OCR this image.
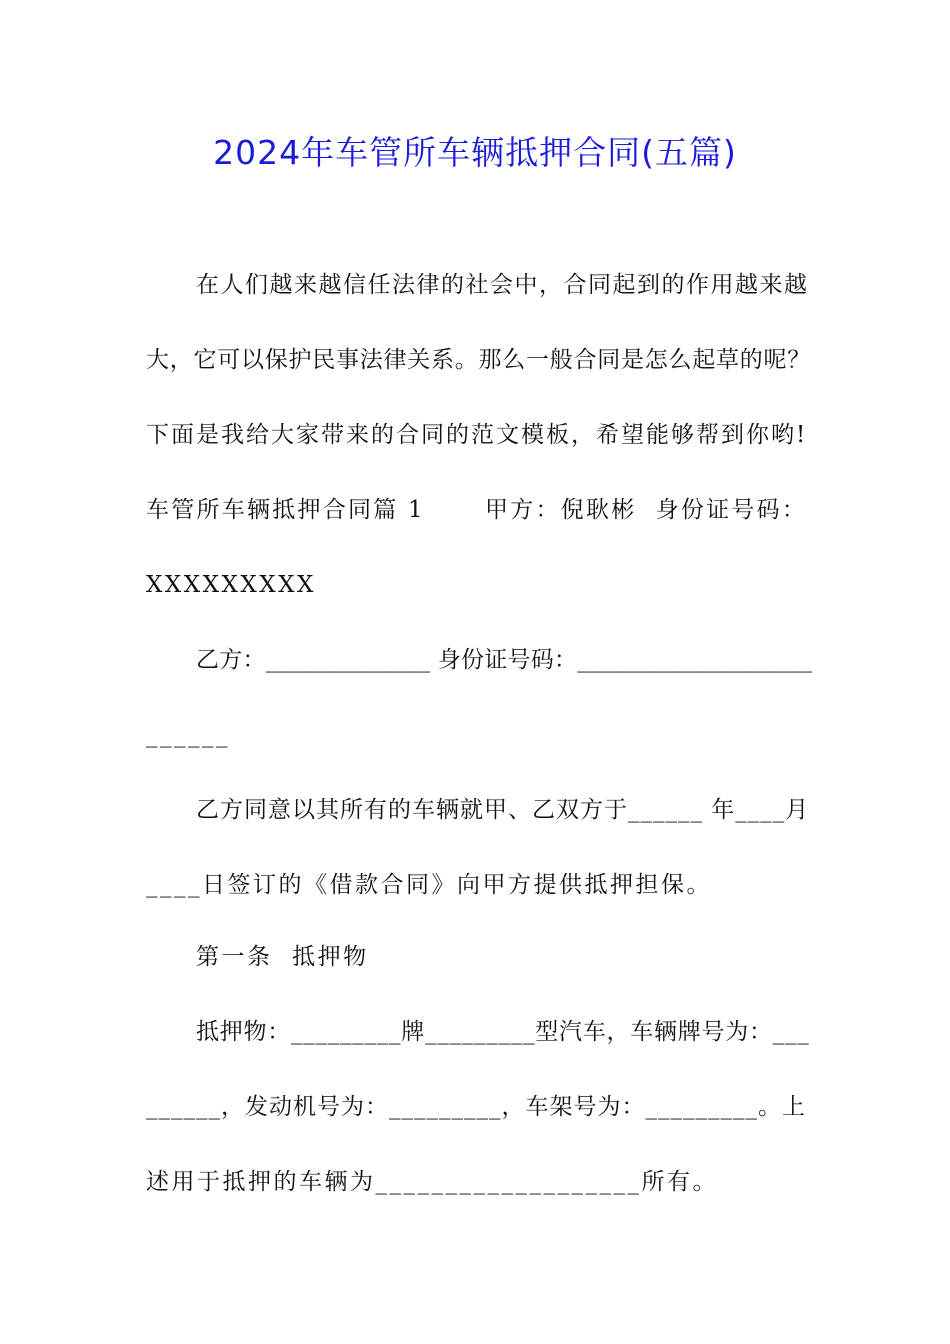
2024年车管所车辆抵押合同(五篇)
在人们越来越信任法律的社会中，合同起到的作用越来越
大，它可以保护民事法律关系。那么一般合同是怎么起草的呢？
下面是我给大家带来的合同的范文模板，希望能够帮到你哟!
车管所车辆抵押合同篇 1　　 甲方：倪耿彬  身份证号码：
XXXXXXXXX
乙方：______________ 身份证号码：____________________
______
乙方同意以其所有的车辆就甲、乙双方于______ 年____月
____日签订的《借款合同》向甲方提供抵押担保。
第一条  抵押物
抵押物：_________牌_________型汽车，车辆牌号为：___
______，发动机号为：_________，车架号为：_________。上
述用于抵押的车辆为___________________所有。
